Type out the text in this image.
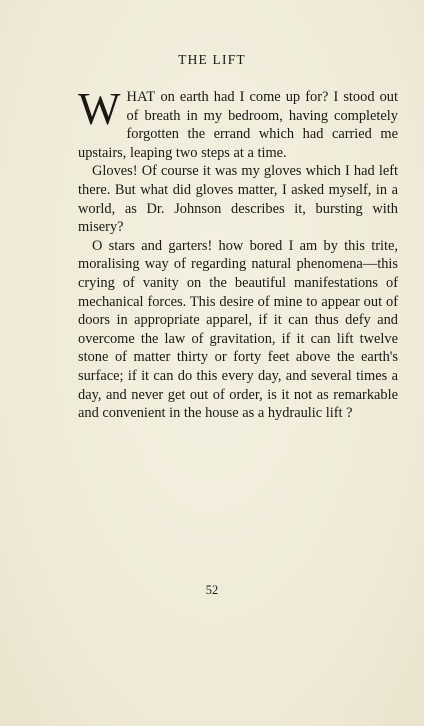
THE LIFT

WHAT on earth had I come up for? I stood out of breath in my bedroom, having completely forgotten the errand which had carried me upstairs, leaping two steps at a time.

Gloves! Of course it was my gloves which I had left there. But what did gloves matter, I asked myself, in a world, as Dr. Johnson describes it, bursting with misery?

O stars and garters! how bored I am by this trite, moralising way of regarding natural phenomena—this crying of vanity on the beautiful manifestations of mechanical forces. This desire of mine to appear out of doors in appropriate apparel, if it can thus defy and overcome the law of gravitation, if it can lift twelve stone of matter thirty or forty feet above the earth's surface; if it can do this every day, and several times a day, and never get out of order, is it not as remarkable and convenient in the house as a hydraulic lift ?

52
